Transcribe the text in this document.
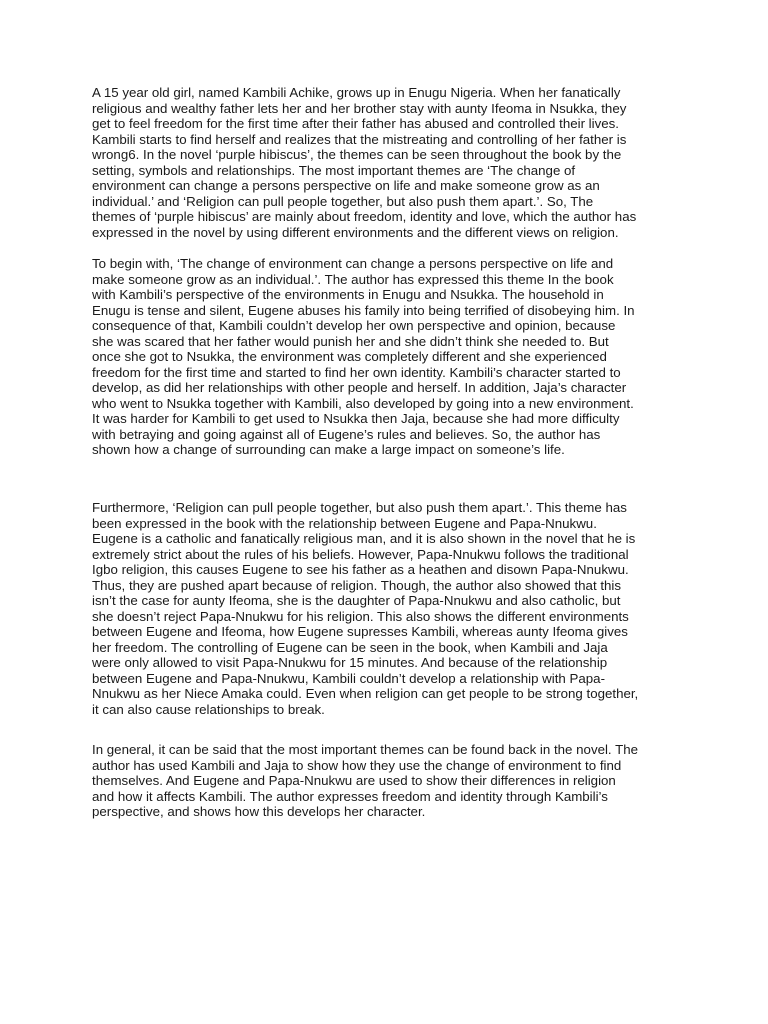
A 15 year old girl, named Kambili Achike, grows up in Enugu Nigeria. When her fanatically
religious and wealthy father lets her and her brother stay with aunty Ifeoma in Nsukka, they
get to feel freedom for the first time after their father has abused and controlled their lives.
Kambili starts to find herself and realizes that the mistreating and controlling of her father is
wrong6. In the novel ‘purple hibiscus’, the themes can be seen throughout the book by the
setting, symbols and relationships. The most important themes are ‘The change of
environment can change a persons perspective on life and make someone grow as an
individual.’ and ‘Religion can pull people together, but also push them apart.’. So, The
themes of ‘purple hibiscus’ are mainly about freedom, identity and love, which the author has
expressed in the novel by using different environments and the different views on religion.

To begin with, ‘The change of environment can change a persons perspective on life and
make someone grow as an individual.’. The author has expressed this theme In the book
with Kambili’s perspective of the environments in Enugu and Nsukka. The household in
Enugu is tense and silent, Eugene abuses his family into being terrified of disobeying him. In
consequence of that, Kambili couldn’t develop her own perspective and opinion, because
she was scared that her father would punish her and she didn’t think she needed to. But
once she got to Nsukka, the environment was completely different and she experienced
freedom for the first time and started to find her own identity. Kambili’s character started to
develop, as did her relationships with other people and herself. In addition, Jaja’s character
who went to Nsukka together with Kambili, also developed by going into a new environment.
It was harder for Kambili to get used to Nsukka then Jaja, because she had more difficulty
with betraying and going against all of Eugene’s rules and believes. So, the author has
shown how a change of surrounding can make a large impact on someone’s life.

Furthermore, ‘Religion can pull people together, but also push them apart.’. This theme has
been expressed in the book with the relationship between Eugene and Papa-Nnukwu.
Eugene is a catholic and fanatically religious man, and it is also shown in the novel that he is
extremely strict about the rules of his beliefs. However, Papa-Nnukwu follows the traditional
Igbo religion, this causes Eugene to see his father as a heathen and disown Papa-Nnukwu.
Thus, they are pushed apart because of religion. Though, the author also showed that this
isn’t the case for aunty Ifeoma, she is the daughter of Papa-Nnukwu and also catholic, but
she doesn’t reject Papa-Nnukwu for his religion. This also shows the different environments
between Eugene and Ifeoma, how Eugene supresses Kambili, whereas aunty Ifeoma gives
her freedom. The controlling of Eugene can be seen in the book, when Kambili and Jaja
were only allowed to visit Papa-Nnukwu for 15 minutes. And because of the relationship
between Eugene and Papa-Nnukwu, Kambili couldn’t develop a relationship with Papa-
Nnukwu as her Niece Amaka could. Even when religion can get people to be strong together,
it can also cause relationships to break.

In general, it can be said that the most important themes can be found back in the novel. The
author has used Kambili and Jaja to show how they use the change of environment to find
themselves. And Eugene and Papa-Nnukwu are used to show their differences in religion
and how it affects Kambili. The author expresses freedom and identity through Kambili’s
perspective, and shows how this develops her character.
